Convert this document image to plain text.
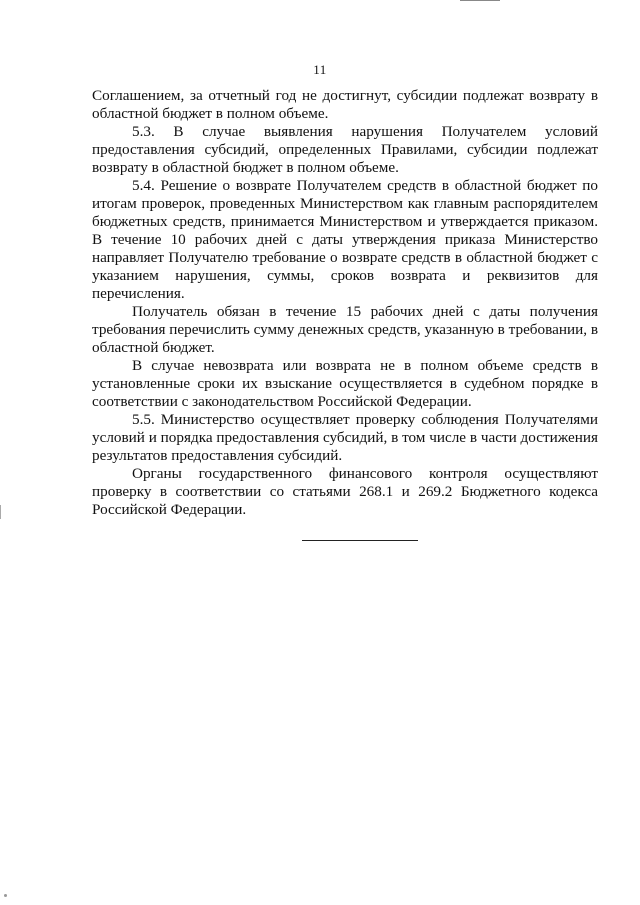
11

Соглашением, за отчетный год не достигнут, субсидии подлежат возврату в областной бюджет в полном объеме.

5.3. В случае выявления нарушения Получателем условий предоставления субсидий, определенных Правилами, субсидии подлежат возврату в областной бюджет в полном объеме.

5.4. Решение о возврате Получателем средств в областной бюджет по итогам проверок, проведенных Министерством как главным распорядителем бюджетных средств, принимается Министерством и утверждается приказом. В течение 10 рабочих дней с даты утверждения приказа Министерство направляет Получателю требование о возврате средств в областной бюджет с указанием нарушения, суммы, сроков возврата и реквизитов для перечисления.

Получатель обязан в течение 15 рабочих дней с даты получения требования перечислить сумму денежных средств, указанную в требовании, в областной бюджет.

В случае невозврата или возврата не в полном объеме средств в установленные сроки их взыскание осуществляется в судебном порядке в соответствии с законодательством Российской Федерации.

5.5. Министерство осуществляет проверку соблюдения Получателями условий и порядка предоставления субсидий, в том числе в части достижения результатов предоставления субсидий.

Органы государственного финансового контроля осуществляют проверку в соответствии со статьями 268.1 и 269.2 Бюджетного кодекса Российской Федерации.
